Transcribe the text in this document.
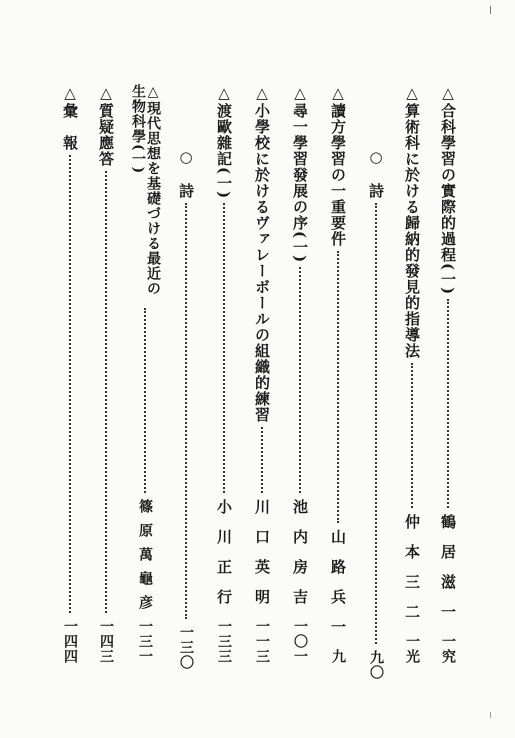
△合科學習の實際的過程(一)
鶴居滋一
一究
△算術科に於ける歸納的發見的指導法
仲本三二
一光
○　詩
九〇
△讀方學習の一重要件
山路兵一
九
△尋一學習發展の序(一)
池内房吉
一〇一
△小學校に於けるヴァレーボールの組織的練習
川口英明
一一三
△渡歐雜記(一)
小川正行
一三三
○　詩
一三〇
△現代思想を基礎づける最近の生物科學(一)
篠原萬龜彦
一三一
△質疑應答
一四三
△彙　報
一四四
